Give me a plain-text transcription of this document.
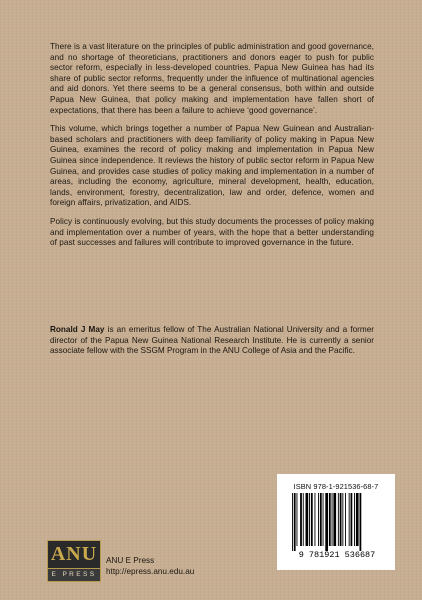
There is a vast literature on the principles of public administration and good governance, and no shortage of theoreticians, practitioners and donors eager to push for public sector reform, especially in less-developed countries. Papua New Guinea has had its share of public sector reforms, frequently under the influence of multinational agencies and aid donors. Yet there seems to be a general consensus, both within and outside Papua New Guinea, that policy making and implementation have fallen short of expectations, that there has been a failure to achieve ‘good governance’.

This volume, which brings together a number of Papua New Guinean and Australian-based scholars and practitioners with deep familiarity of policy making in Papua New Guinea, examines the record of policy making and implementation in Papua New Guinea since independence. It reviews the history of public sector reform in Papua New Guinea, and provides case studies of policy making and implementation in a number of areas, including the economy, agriculture, mineral development, health, education, lands, environment, forestry, decentralization, law and order, defence, women and foreign affairs, privatization, and AIDS.

Policy is continuously evolving, but this study documents the processes of policy making and implementation over a number of years, with the hope that a better understanding of past successes and failures will contribute to improved governance in the future.

Ronald J May is an emeritus fellow of The Australian National University and a former director of the Papua New Guinea National Research Institute. He is currently a senior associate fellow with the SSGM Program in the ANU College of Asia and the Pacific.
ISBN 978-1-921536-68-7
9 781921 536687
ANU
E PRESS
ANU E Press
http://epress.anu.edu.au
